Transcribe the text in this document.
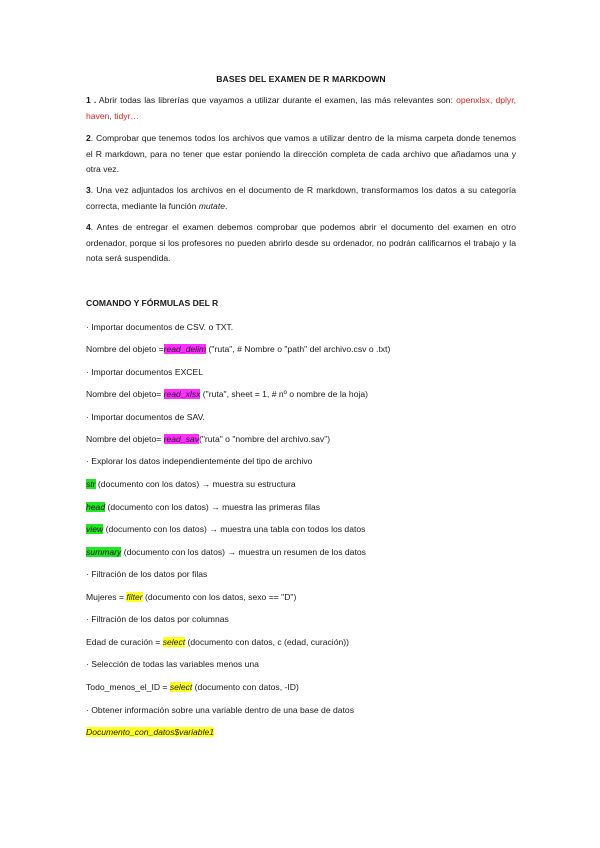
BASES DEL EXAMEN DE R MARKDOWN
1 . Abrir todas las librerías que vayamos a utilizar durante el examen, las más relevantes son: openxlsx, dplyr, haven, tidyr…
2. Comprobar que tenemos todos los archivos que vamos a utilizar dentro de la misma carpeta donde tenemos el R markdown, para no tener que estar poniendo la dirección completa de cada archivo que añadamos una y otra vez.
3. Una vez adjuntados los archivos en el documento de R markdown, transformamos los datos a su categoría correcta, mediante la función mutate.
4. Antes de entregar el examen debemos comprobar que podemos abrir el documento del examen en otro ordenador, porque si los profesores no pueden abrirlo desde su ordenador, no podrán calificarnos el trabajo y la nota será suspendida.
COMANDO Y FÓRMULAS DEL R
· Importar documentos de CSV. o TXT.
Nombre del objeto =read_delim ("ruta", # Nombre o "path" del archivo.csv o .txt)
· Importar documentos EXCEL
Nombre del objeto= read_xlsx ("ruta", sheet = 1, # nº o nombre de la hoja)
· Importar documentos de SAV.
Nombre del objeto= read_sav("ruta" o "nombre del archivo.sav")
· Explorar los datos independientemente del tipo de archivo
str (documento con los datos) → muestra su estructura
head (documento con los datos) → muestra las primeras filas
view (documento con los datos) → muestra una tabla con todos los datos
summary (documento con los datos) → muestra un resumen de los datos
· Filtración de los datos por filas
Mujeres = filter (documento con los datos, sexo == "D")
· Filtración de los datos por columnas
Edad de curación = select (documento con datos, c (edad, curación))
· Selección de todas las variables menos una
Todo_menos_el_ID = select (documento con datos, -ID)
· Obtener información sobre una variable dentro de una base de datos
Documento_con_datos$variable1
